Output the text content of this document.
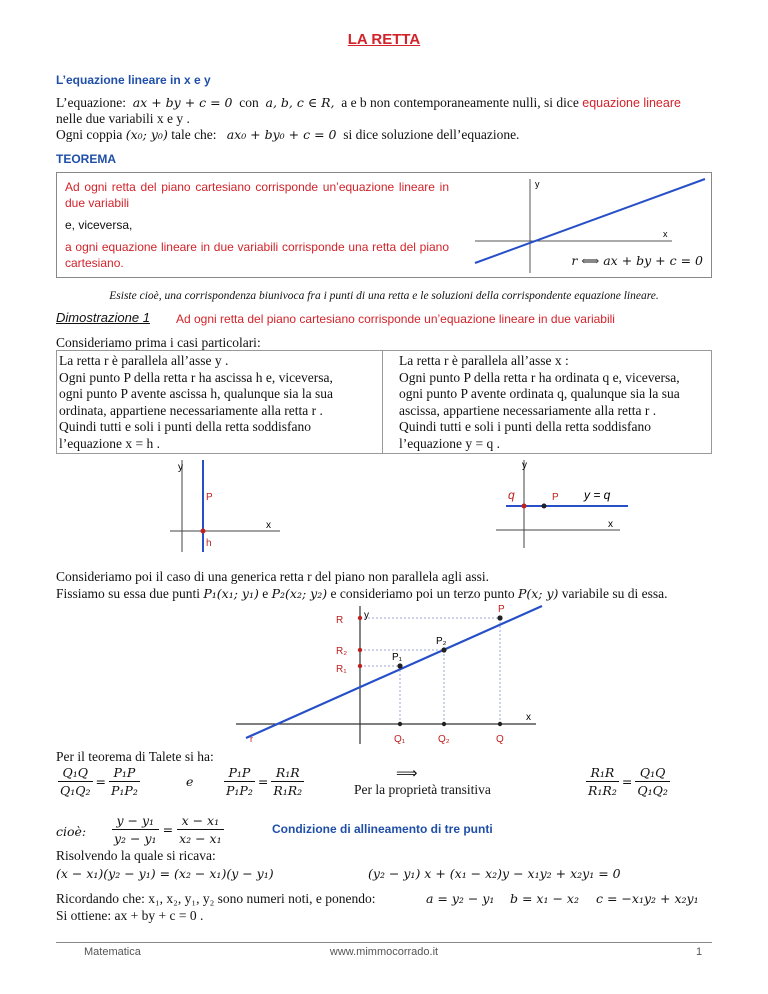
LA RETTA
L’equazione lineare in x e y
L’equazione: ax + by + c = 0 con a, b, c ∈ R, a e b non contemporaneamente nulli, si dice equazione lineare
nelle due variabili x e y .
Ogni coppia (x₀; y₀) tale che: ax₀ + by₀ + c = 0 si dice soluzione dell’equazione.
TEOREMA
Ad ogni retta del piano cartesiano corrisponde un’equazione lineare in due variabili
e, viceversa,
a ogni equazione lineare in due variabili corrisponde una retta del piano cartesiano.
y
x
r ⟺ ax + by + c = 0
Esiste cioè, una corrispondenza biunivoca fra i punti di una retta e le soluzioni della corrispondente equazione lineare.
Dimostrazione 1 Ad ogni retta del piano cartesiano corrisponde un’equazione lineare in due variabili
Consideriamo prima i casi particolari:
La retta r è parallela all’asse y .
Ogni punto P della retta r ha ascissa h e, viceversa,
ogni punto P avente ascissa h, qualunque sia la sua
ordinata, appartiene necessariamente alla retta r .
Quindi tutti e soli i punti della retta soddisfano
l’equazione x = h .
La retta r è parallela all’asse x :
Ogni punto P della retta r ha ordinata q e, viceversa,
ogni punto P avente ordinata q, qualunque sia la sua
ascissa, appartiene necessariamente alla retta r .
Quindi tutti e soli i punti della retta soddisfano
l’equazione y = q .
y
x
P
h
y
x
P
q	y = q
Consideriamo poi il caso di una generica retta r del piano non parallela agli assi.
Fissiamo su essa due punti P₁(x₁; y₁) e P₂(x₂; y₂) e consideriamo poi un terzo punto P(x; y) variabile su di essa.
y
x
r
R
R₂
R₁
P
P₂
P₁
Q₁	Q₂	Q
Per il teorema di Talete si ha:
$\frac{\text{Q₁Q}}{\text{Q₁Q₂}} = \frac{\text{P₁P}}{\text{P₁P₂}}$	e $\frac{\text{P₁P}}{\text{P₁P₂}} = \frac{\text{R₁R}}{\text{R₁R₂}}$	⟹
Per la proprietà transitiva	$\frac{\text{R₁R}}{\text{R₁R₂}} = \frac{\text{Q₁Q}}{\text{Q₁Q₂}}$
cioè: $\frac{\text{y − y₁}}{\text{y₂ − y₁}} = \frac{\text{x − x₁}}{\text{x₂ − x₁}}$	Condizione di allineamento di tre punti
Risolvendo la quale si ricava:
(x − x₁)(y₂ − y₁) = (x₂ − x₁)(y − y₁)	(y₂ − y₁) x + (x₁ − x₂)y − x₁y₂ + x₂y₁ = 0
Ricordando che: x₁, x₂, y₁, y₂ sono numeri noti, e ponendo:	a = y₂ − y₁ b = x₁ − x₂ c = −x₁y₂ + x₂y₁
Si ottiene: ax + by + c = 0 .
Matematica	www.mimmocorrado.it	1
